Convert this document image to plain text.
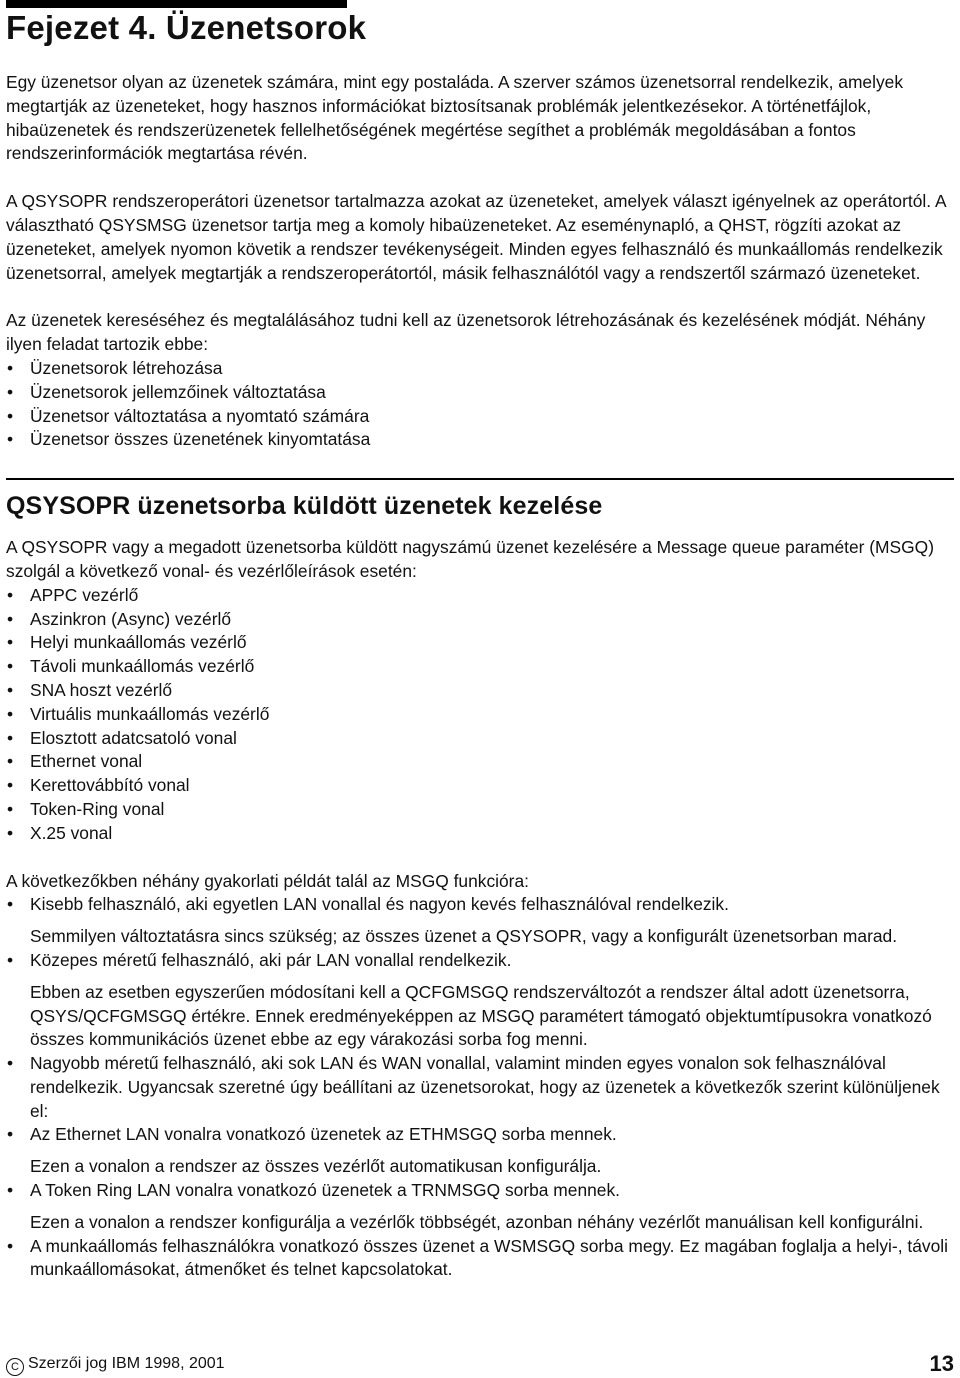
Fejezet 4. Üzenetsorok

Egy üzenetsor olyan az üzenetek számára, mint egy postaláda. A szerver számos üzenetsorral rendelkezik, amelyek megtartják az üzeneteket, hogy hasznos információkat biztosítsanak problémák jelentkezésekor. A történetfájlok, hibaüzenetek és rendszerüzenetek fellelhetőségének megértése segíthet a problémák megoldásában a fontos rendszerinformációk megtartása révén.

A QSYSOPR rendszeroperátori üzenetsor tartalmazza azokat az üzeneteket, amelyek választ igényelnek az operátortól. A választható QSYSMSG üzenetsor tartja meg a komoly hibaüzeneteket. Az eseménynapló, a QHST, rögzíti azokat az üzeneteket, amelyek nyomon követik a rendszer tevékenységeit. Minden egyes felhasználó és munkaállomás rendelkezik üzenetsorral, amelyek megtartják a rendszeroperátortól, másik felhasználótól vagy a rendszertől származó üzeneteket.

Az üzenetek kereséséhez és megtalálásához tudni kell az üzenetsorok létrehozásának és kezelésének módját. Néhány ilyen feladat tartozik ebbe:

• Üzenetsorok létrehozása
• Üzenetsorok jellemzőinek változtatása
• Üzenetsor változtatása a nyomtató számára
• Üzenetsor összes üzenetének kinyomtatása
QSYSOPR üzenetsorba küldött üzenetek kezelése

A QSYSOPR vagy a megadott üzenetsorba küldött nagyszámú üzenet kezelésére a Message queue paraméter (MSGQ) szolgál a következő vonal- és vezérlőleírások esetén:

• APPC vezérlő
• Aszinkron (Async) vezérlő
• Helyi munkaállomás vezérlő
• Távoli munkaállomás vezérlő
• SNA hoszt vezérlő
• Virtuális munkaállomás vezérlő
• Elosztott adatcsatoló vonal
• Ethernet vonal
• Kerettovábbító vonal
• Token-Ring vonal
• X.25 vonal

A következőkben néhány gyakorlati példát talál az MSGQ funkcióra:

• Kisebb felhasználó, aki egyetlen LAN vonallal és nagyon kevés felhasználóval rendelkezik.

Semmilyen változtatásra sincs szükség; az összes üzenet a QSYSOPR, vagy a konfigurált üzenetsorban marad.

• Közepes méretű felhasználó, aki pár LAN vonallal rendelkezik.

Ebben az esetben egyszerűen módosítani kell a QCFGMSGQ rendszerváltozót a rendszer által adott üzenetsorra, QSYS/QCFGMSGQ értékre. Ennek eredményeképpen az MSGQ paramétert támogató objektumtípusokra vonatkozó összes kommunikációs üzenet ebbe az egy várakozási sorba fog menni.

• Nagyobb méretű felhasználó, aki sok LAN és WAN vonallal, valamint minden egyes vonalon sok felhasználóval rendelkezik. Ugyancsak szeretné úgy beállítani az üzenetsorokat, hogy az üzenetek a következők szerint különüljenek el:
• Az Ethernet LAN vonalra vonatkozó üzenetek az ETHMSGQ sorba mennek.

Ezen a vonalon a rendszer az összes vezérlőt automatikusan konfigurálja.

• A Token Ring LAN vonalra vonatkozó üzenetek a TRNMSGQ sorba mennek.

Ezen a vonalon a rendszer konfigurálja a vezérlők többségét, azonban néhány vezérlőt manuálisan kell konfigurálni.

• A munkaállomás felhasználókra vonatkozó összes üzenet a WSMSGQ sorba megy. Ez magában foglalja a helyi-, távoli munkaállomásokat, átmenőket és telnet kapcsolatokat.
C Szerzői jog IBM 1998, 2001	13
